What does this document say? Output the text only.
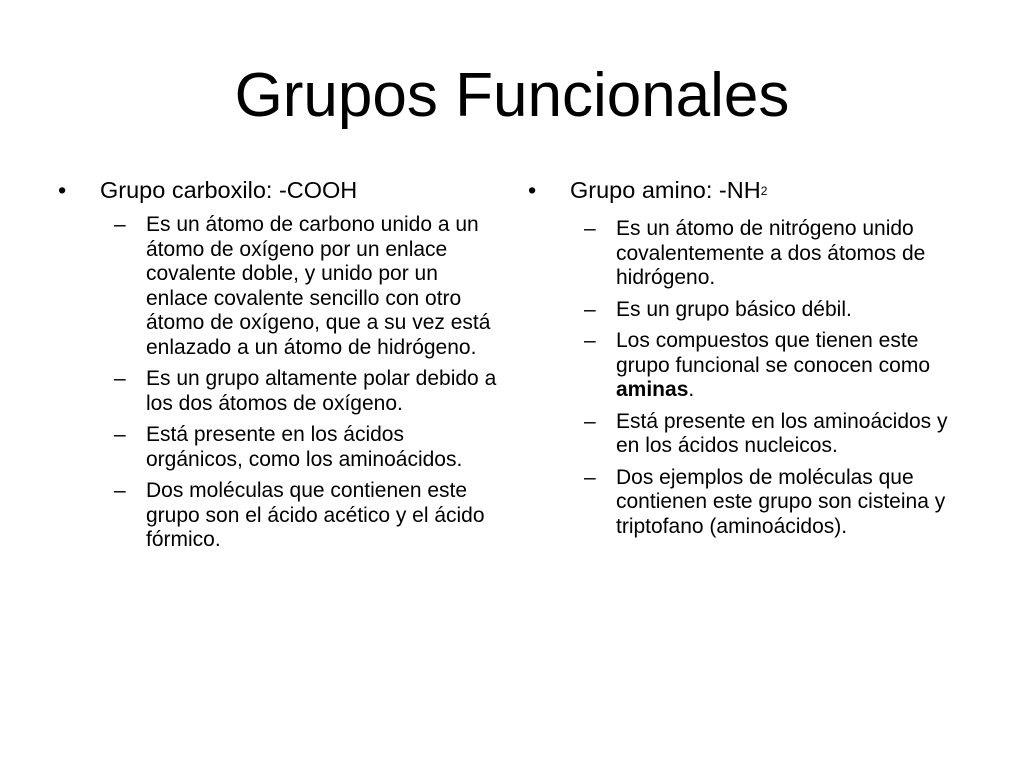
Grupos Funcionales
• Grupo carboxilo: -COOH
– Es un átomo de carbono unido a un átomo de oxígeno por un enlace covalente doble, y unido por un enlace covalente sencillo con otro átomo de oxígeno, que a su vez está enlazado a un átomo de hidrógeno.
– Es un grupo altamente polar debido a los dos átomos de oxígeno.
– Está presente en los ácidos orgánicos, como los aminoácidos.
– Dos moléculas que contienen este grupo son el ácido acético y el ácido fórmico.
• Grupo amino: $-NH_2$
– Es un átomo de nitrógeno unido covalentemente a dos átomos de hidrógeno.
– Es un grupo básico débil.
– Los compuestos que tienen este grupo funcional se conocen como aminas.
– Está presente en los aminoácidos y en los ácidos nucleicos.
– Dos ejemplos de moléculas que contienen este grupo son cisteina y triptofano (aminoácidos).
